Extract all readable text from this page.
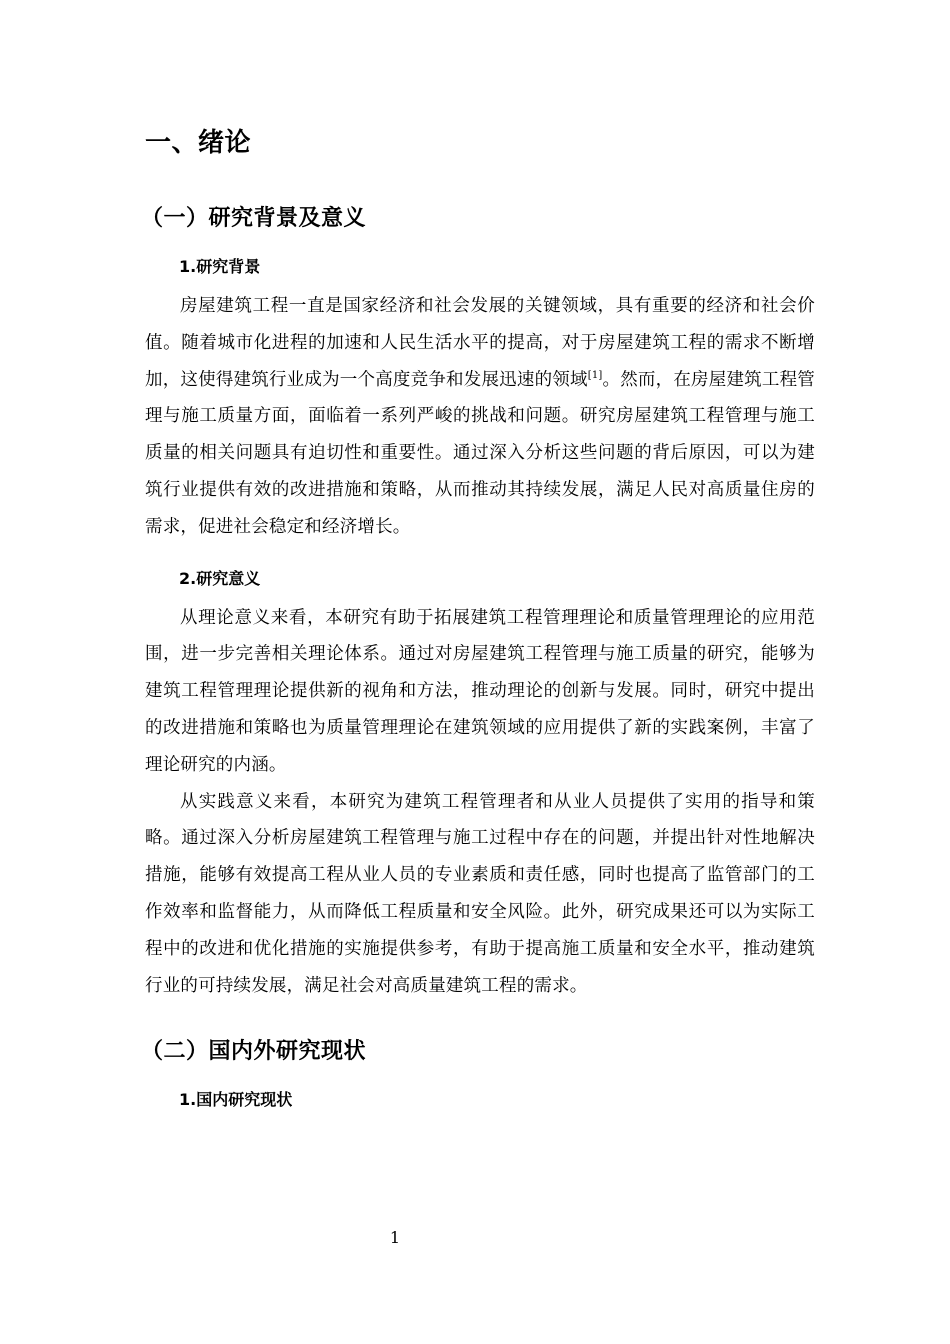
一、绪论
（一）研究背景及意义
1.研究背景

房屋建筑工程一直是国家经济和社会发展的关键领域，具有重要的经济和社会价值。随着城市化进程的加速和人民生活水平的提高，对于房屋建筑工程的需求不断增加，这使得建筑行业成为一个高度竞争和发展迅速的领域[1]。然而，在房屋建筑工程管理与施工质量方面，面临着一系列严峻的挑战和问题。研究房屋建筑工程管理与施工质量的相关问题具有迫切性和重要性。通过深入分析这些问题的背后原因，可以为建筑行业提供有效的改进措施和策略，从而推动其持续发展，满足人民对高质量住房的需求，促进社会稳定和经济增长。

2.研究意义

从理论意义来看，本研究有助于拓展建筑工程管理理论和质量管理理论的应用范围，进一步完善相关理论体系。通过对房屋建筑工程管理与施工质量的研究，能够为建筑工程管理理论提供新的视角和方法，推动理论的创新与发展。同时，研究中提出的改进措施和策略也为质量管理理论在建筑领域的应用提供了新的实践案例，丰富了理论研究的内涵。

从实践意义来看，本研究为建筑工程管理者和从业人员提供了实用的指导和策略。通过深入分析房屋建筑工程管理与施工过程中存在的问题，并提出针对性地解决措施，能够有效提高工程从业人员的专业素质和责任感，同时也提高了监管部门的工作效率和监督能力，从而降低工程质量和安全风险。此外，研究成果还可以为实际工程中的改进和优化措施的实施提供参考，有助于提高施工质量和安全水平，推动建筑行业的可持续发展，满足社会对高质量建筑工程的需求。

（二）国内外研究现状
1.国内研究现状
1
